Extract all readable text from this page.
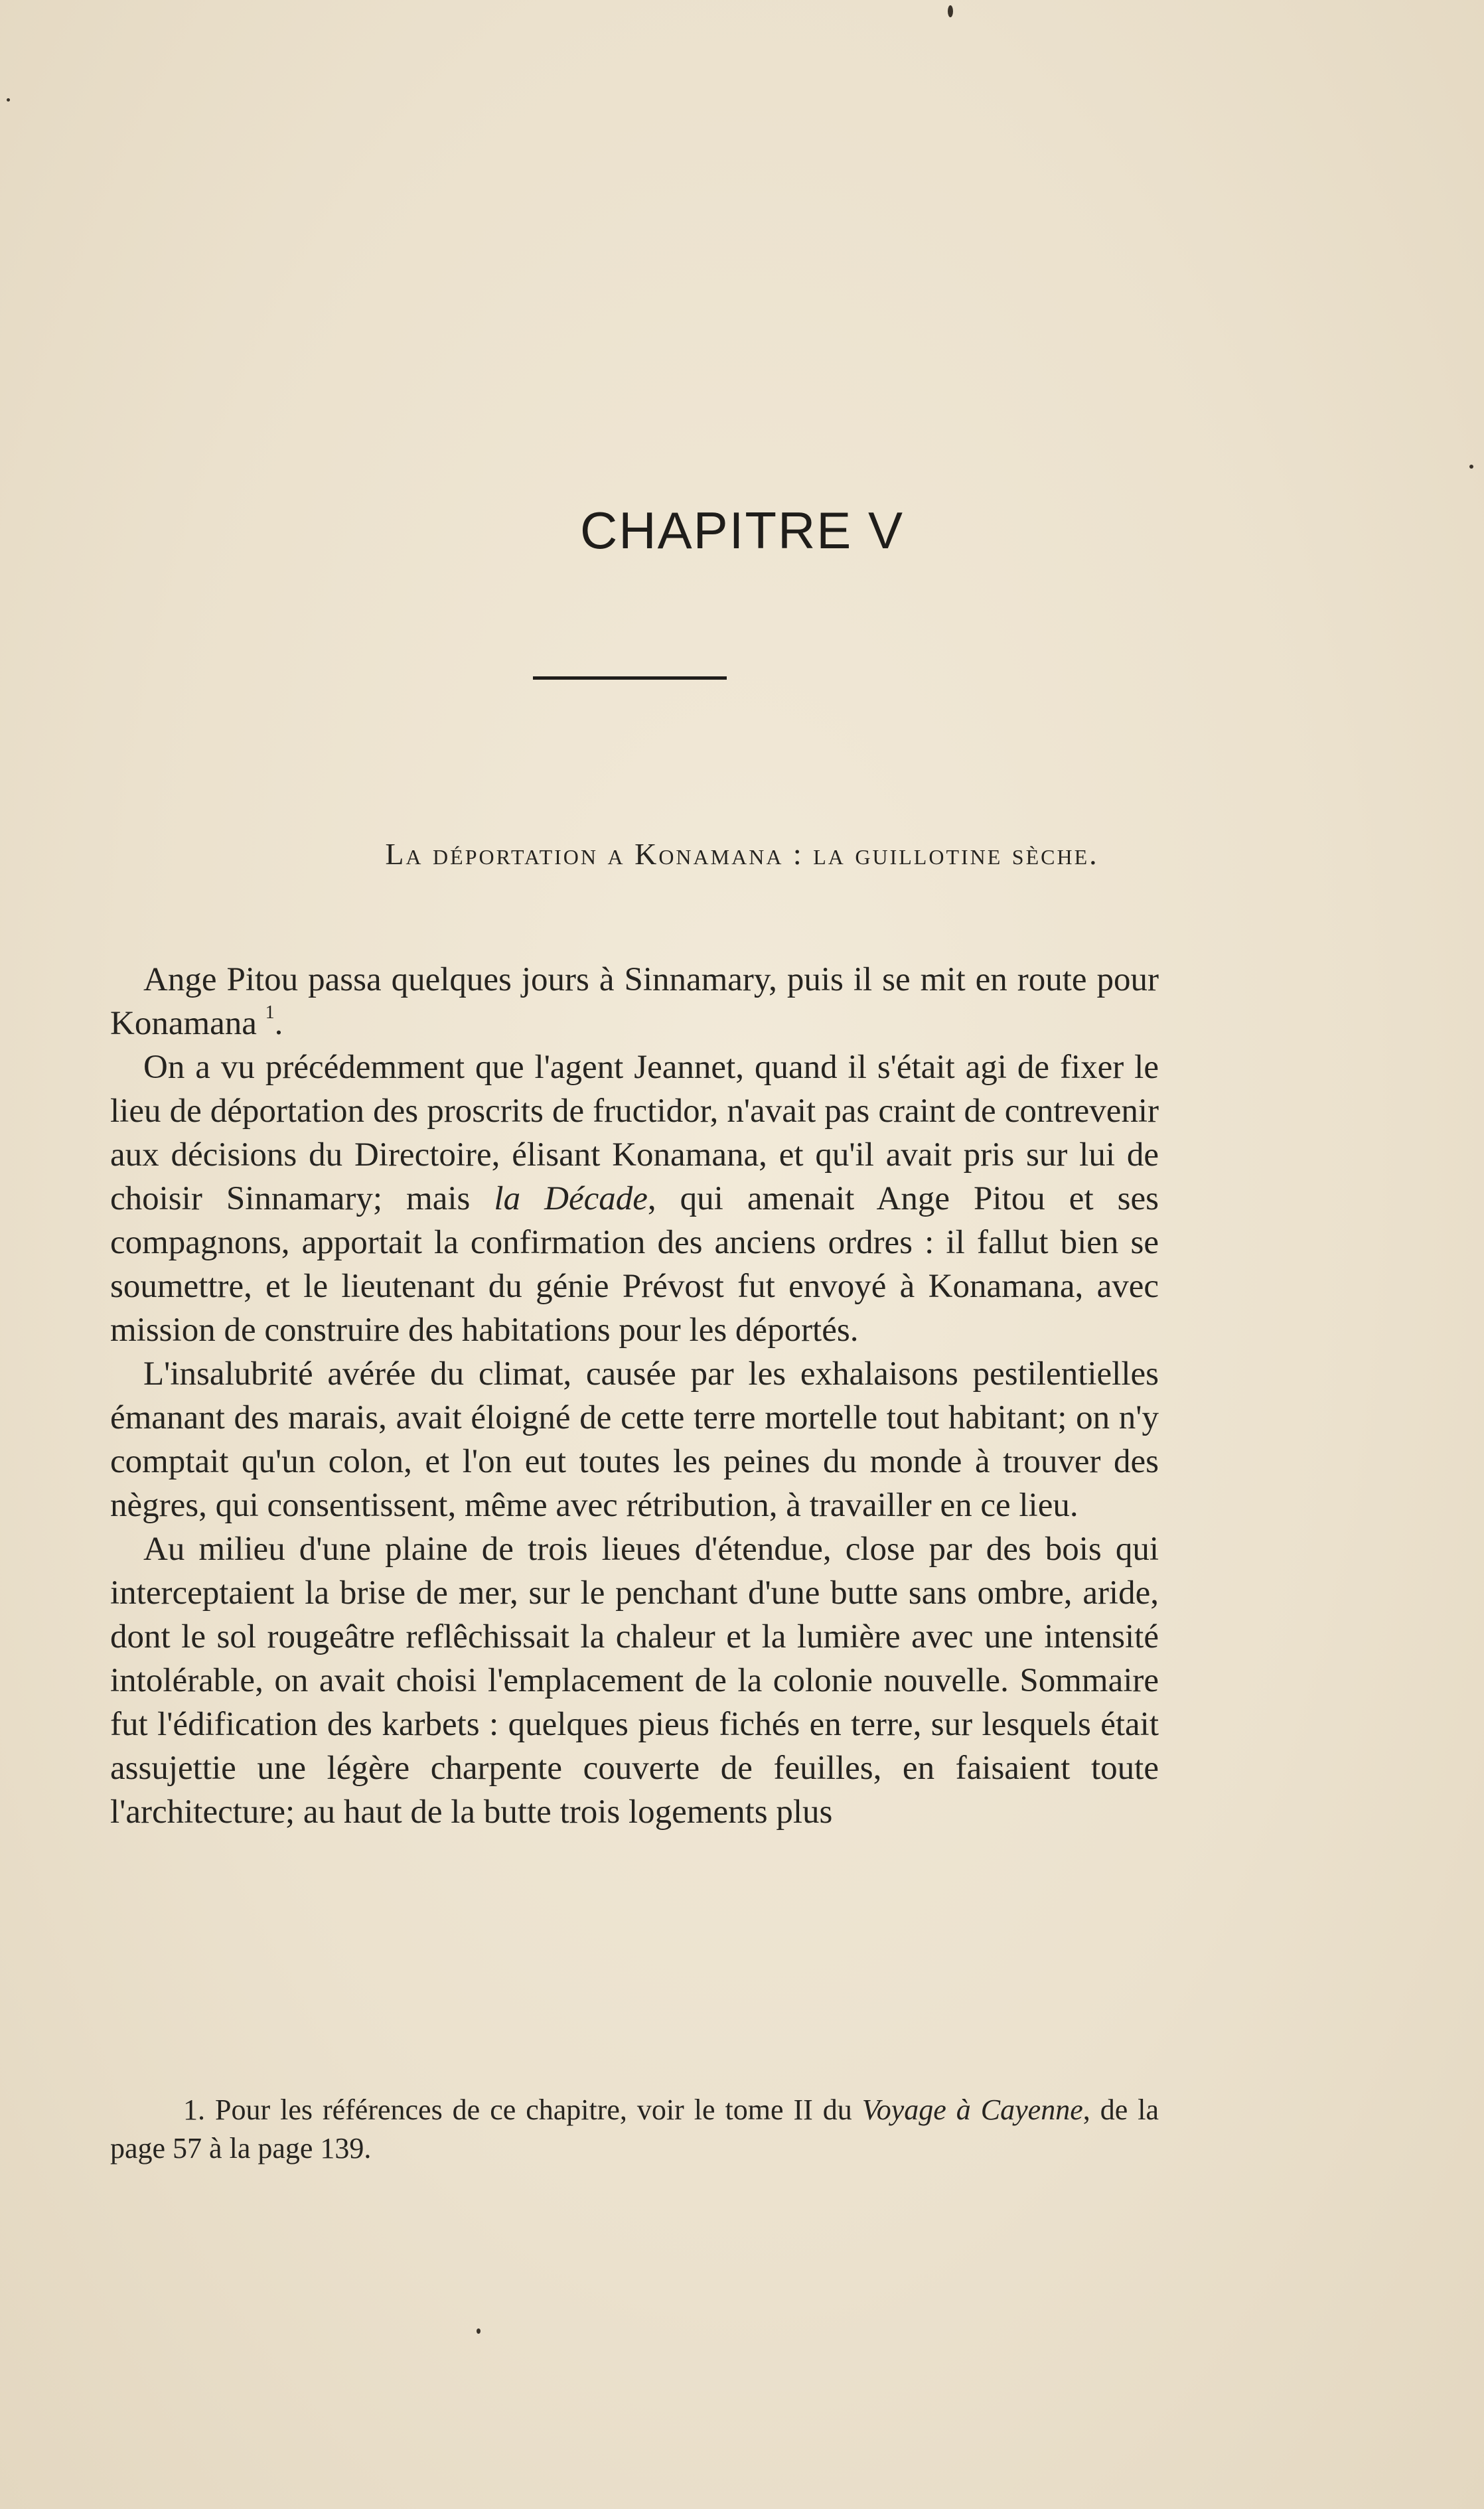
CHAPITRE V
La déportation a Konamana : la guillotine sèche.

Ange Pitou passa quelques jours à Sinnamary, puis il se mit en route pour Konamana $^1$.

On a vu précédemment que l'agent Jeannet, quand il s'était agi de fixer le lieu de déportation des proscrits de fructidor, n'avait pas craint de contrevenir aux décisions du Directoire, élisant Konamana, et qu'il avait pris sur lui de choisir Sinnamary; mais la Décade, qui amenait Ange Pitou et ses compagnons, apportait la confirmation des anciens ordres : il fallut bien se soumettre, et le lieutenant du génie Prévost fut envoyé à Konamana, avec mission de construire des habitations pour les déportés.

L'insalubrité avérée du climat, causée par les exhalaisons pestilentielles émanant des marais, avait éloigné de cette terre mortelle tout habitant; on n'y comptait qu'un colon, et l'on eut toutes les peines du monde à trouver des nègres, qui consentissent, même avec rétribution, à travailler en ce lieu.

Au milieu d'une plaine de trois lieues d'étendue, close par des bois qui interceptaient la brise de mer, sur le penchant d'une butte sans ombre, aride, dont le sol rougeâtre reflêchissait la chaleur et la lumière avec une intensité intolérable, on avait choisi l'emplacement de la colonie nouvelle. Sommaire fut l'édification des karbets : quelques pieus fichés en terre, sur lesquels était assujettie une légère charpente couverte de feuilles, en faisaient toute l'architecture; au haut de la butte trois logements plus

1. Pour les références de ce chapitre, voir le tome II du Voyage à Cayenne, de la page 57 à la page 139.
